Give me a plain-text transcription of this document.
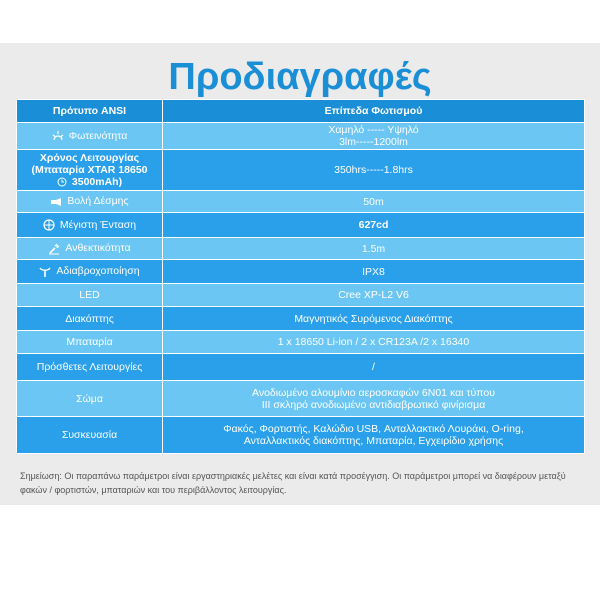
Προδιαγραφές
Πρότυπο ANSI	Επίπεδα Φωτισμού

Φωτεινότητα	Χαμηλό ----- Υψηλό
3lm-----1200lm

Χρόνος Λειτουργίας
(Μπαταρία XTAR 18650
3500mAh)	350hrs-----1.8hrs

Βολή Δέσμης	50m

Μέγιστη Ένταση	627cd

Ανθεκτικότητα	1.5m

Αδιαβροχοποίηση	IPX8
LED	Cree XP-L2 V6
Διακόπτης	Μαγνητικός Συρόμενος Διακόπτης
Μπαταρία	1 x 18650 Li-ion / 2 x CR123A /2 x 16340
Πρόσθετες Λειτουργίες	/
Σώμα	Ανοδιωμένο αλουμίνιο αεροσκαφών 6N01 και τύπου
III σκληρό ανοδιωμένο αντιδιαβρωτικό φινίρισμα

Συσκευασία	Φακός, Φορτιστής, Καλώδιο USB, Ανταλλακτικό Λουράκι, O-ring,
Ανταλλακτικός διακόπτης, Μπαταρία, Εγχειρίδιο χρήσης
Σημείωση: Οι παραπάνω παράμετροι είναι εργαστηριακές μελέτες και είναι κατά προσέγγιση. Οι παράμετροι μπορεί να διαφέρουν μεταξύ φακών / φορτιστών, μπαταριών και του περιβάλλοντος λειτουργίας.
